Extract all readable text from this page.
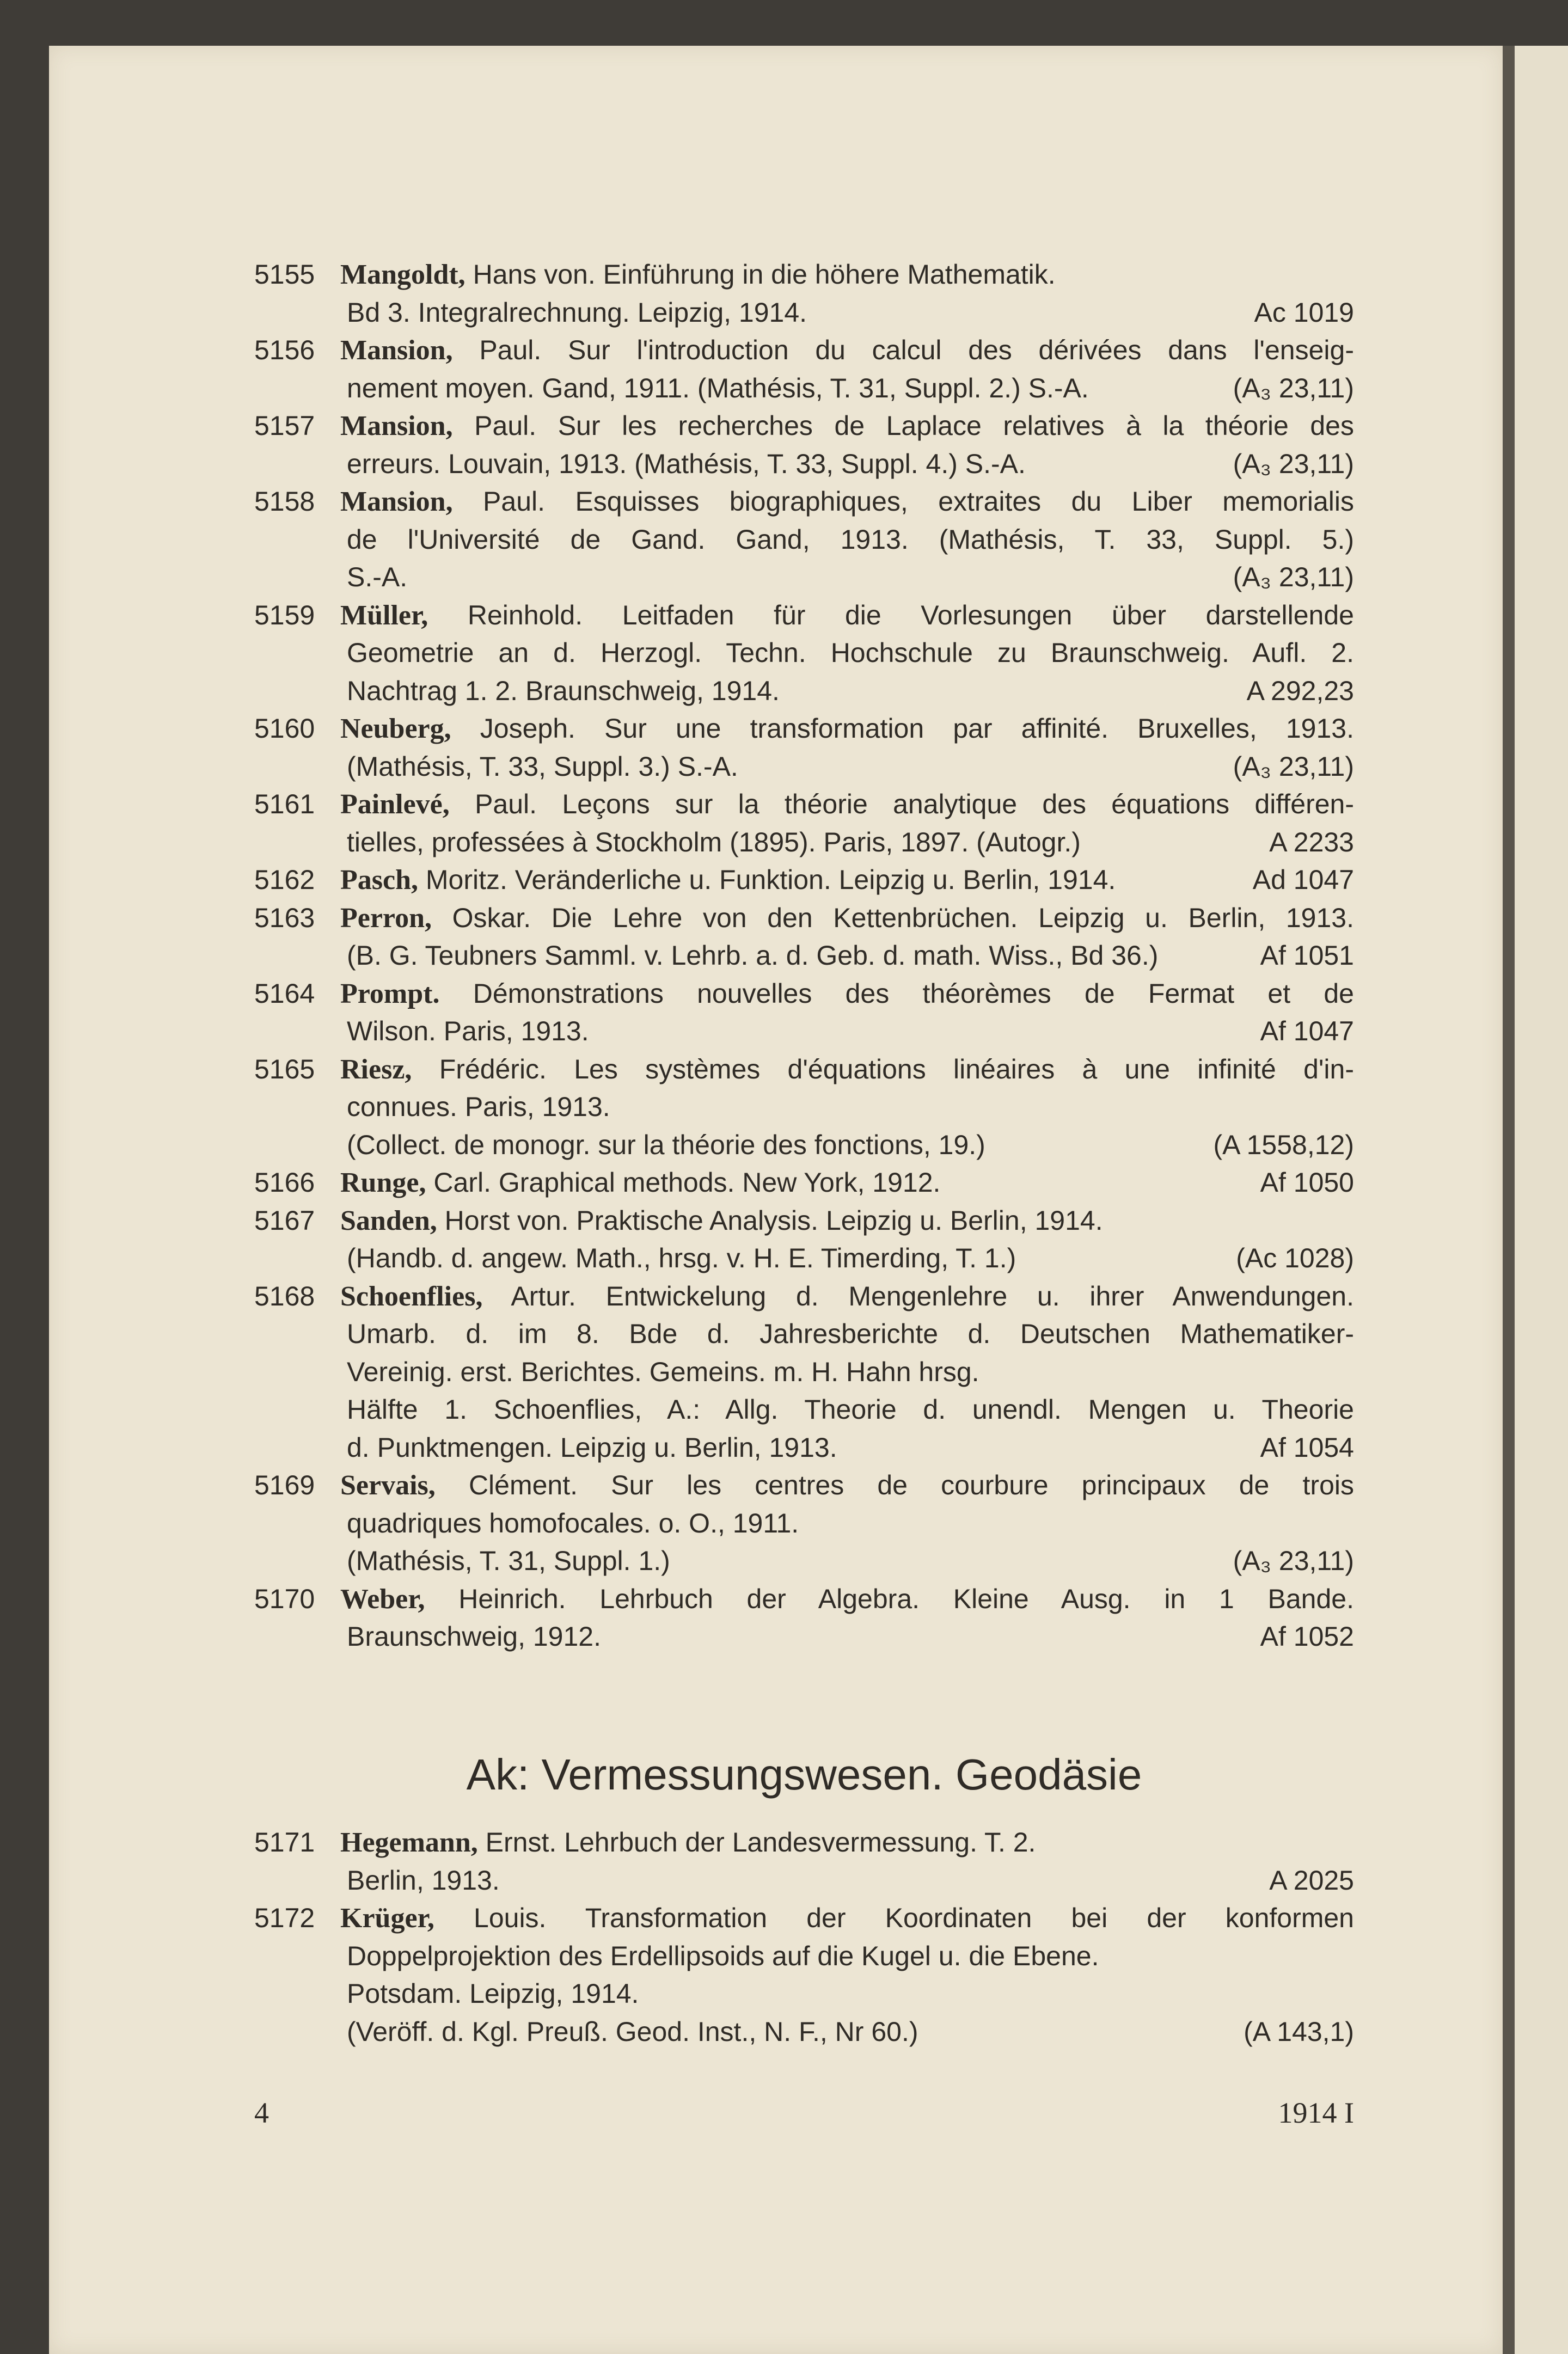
5155 Mangoldt, Hans von. Einführung in die höhere Mathematik.
Bd 3. Integralrechnung. Leipzig, 1914.	Ac 1019
5156 Mansion, Paul. Sur l'introduction du calcul des dérivées dans l'enseig-
nement moyen. Gand, 1911. (Mathésis, T. 31, Suppl. 2.) S.-A.	(A₃ 23,11)
5157 Mansion, Paul. Sur les recherches de Laplace relatives à la théorie des
erreurs. Louvain, 1913. (Mathésis, T. 33, Suppl. 4.) S.-A.	(A₃ 23,11)
5158 Mansion, Paul. Esquisses biographiques, extraites du Liber memorialis
de l'Université de Gand. Gand, 1913. (Mathésis, T. 33, Suppl. 5.)
S.-A.	(A₃ 23,11)
5159 Müller, Reinhold. Leitfaden für die Vorlesungen über darstellende
Geometrie an d. Herzogl. Techn. Hochschule zu Braunschweig. Aufl. 2.
Nachtrag 1. 2. Braunschweig, 1914.	A 292,23
5160 Neuberg, Joseph. Sur une transformation par affinité. Bruxelles, 1913.
(Mathésis, T. 33, Suppl. 3.) S.-A.	(A₃ 23,11)
5161 Painlevé, Paul. Leçons sur la théorie analytique des équations différen-
tielles, professées à Stockholm (1895). Paris, 1897. (Autogr.)	A 2233
5162 Pasch, Moritz. Veränderliche u. Funktion. Leipzig u. Berlin, 1914.	Ad 1047
5163 Perron, Oskar. Die Lehre von den Kettenbrüchen. Leipzig u. Berlin, 1913.
(B. G. Teubners Samml. v. Lehrb. a. d. Geb. d. math. Wiss., Bd 36.)	Af 1051
5164 Prompt. Démonstrations nouvelles des théorèmes de Fermat et de
Wilson. Paris, 1913.	Af 1047
5165 Riesz, Frédéric. Les systèmes d'équations linéaires à une infinité d'in-
connues. Paris, 1913.
(Collect. de monogr. sur la théorie des fonctions, 19.)	(A 1558,12)
5166 Runge, Carl. Graphical methods. New York, 1912.	Af 1050
5167 Sanden, Horst von. Praktische Analysis. Leipzig u. Berlin, 1914.
(Handb. d. angew. Math., hrsg. v. H. E. Timerding, T. 1.)	(Ac 1028)
5168 Schoenflies, Artur. Entwickelung d. Mengenlehre u. ihrer Anwendungen.
Umarb. d. im 8. Bde d. Jahresberichte d. Deutschen Mathematiker-
Vereinig. erst. Berichtes. Gemeins. m. H. Hahn hrsg.
Hälfte 1. Schoenflies, A.: Allg. Theorie d. unendl. Mengen u. Theorie
d. Punktmengen. Leipzig u. Berlin, 1913.	Af 1054
5169 Servais, Clément. Sur les centres de courbure principaux de trois
quadriques homofocales. o. O., 1911.
(Mathésis, T. 31, Suppl. 1.)	(A₃ 23,11)
5170 Weber, Heinrich. Lehrbuch der Algebra. Kleine Ausg. in 1 Bande.
Braunschweig, 1912.	Af 1052
Ak: Vermessungswesen. Geodäsie
5171 Hegemann, Ernst. Lehrbuch der Landesvermessung. T. 2.
Berlin, 1913.	A 2025
5172 Krüger, Louis. Transformation der Koordinaten bei der konformen
Doppelprojektion des Erdellipsoids auf die Kugel u. die Ebene.
Potsdam. Leipzig, 1914.
(Veröff. d. Kgl. Preuß. Geod. Inst., N. F., Nr 60.)	(A 143,1)
4	1914 I
